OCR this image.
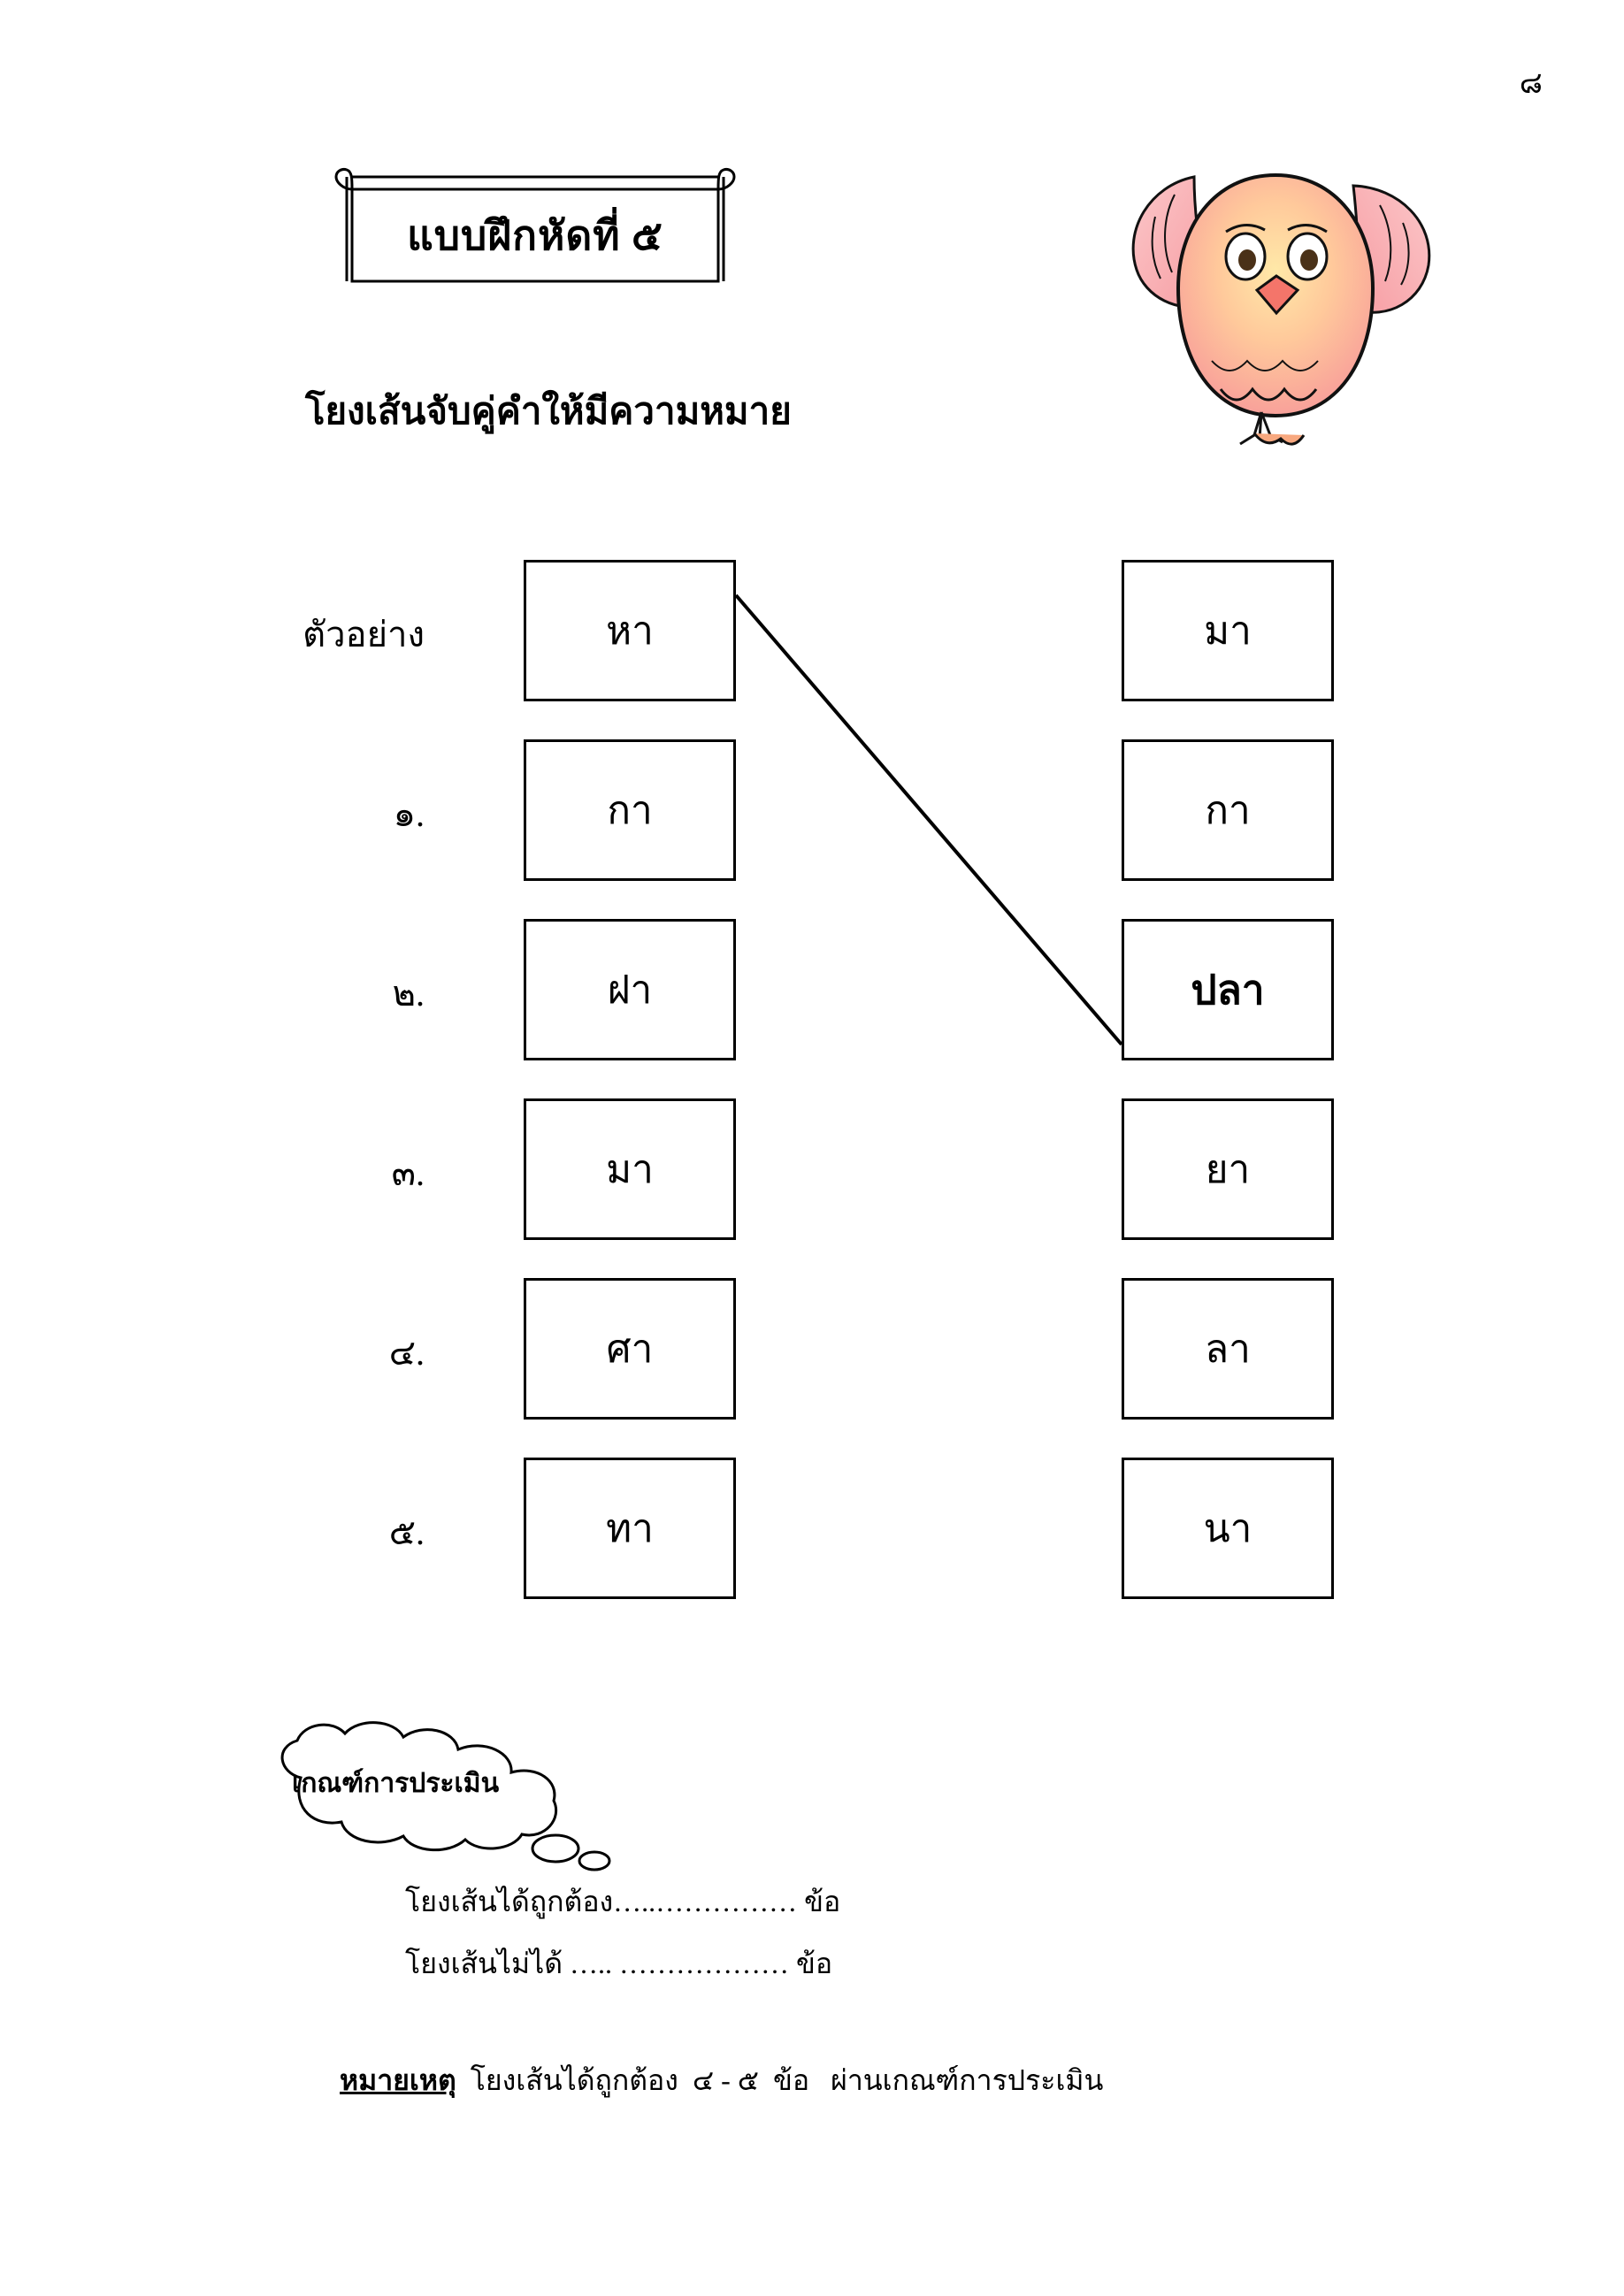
๘
แบบฝึกหัดที่ ๕
โยงเส้นจับคู่คำให้มีความหมาย
ตัวอย่าง	หา	มา
๑.	กา	กา
๒.	ฝา	ปลา
๓.	มา	ยา
๔.	ศา	ลา
๕.	ทา	นา
เกณฑ์การประเมิน
โยงเส้นได้ถูกต้อง…..…………… ข้อ
โยงเส้นไม่ได้ ….. ……………… ข้อ

หมายเหตุ  โยงเส้นได้ถูกต้อง  ๔ - ๕  ข้อ   ผ่านเกณฑ์การประเมิน
